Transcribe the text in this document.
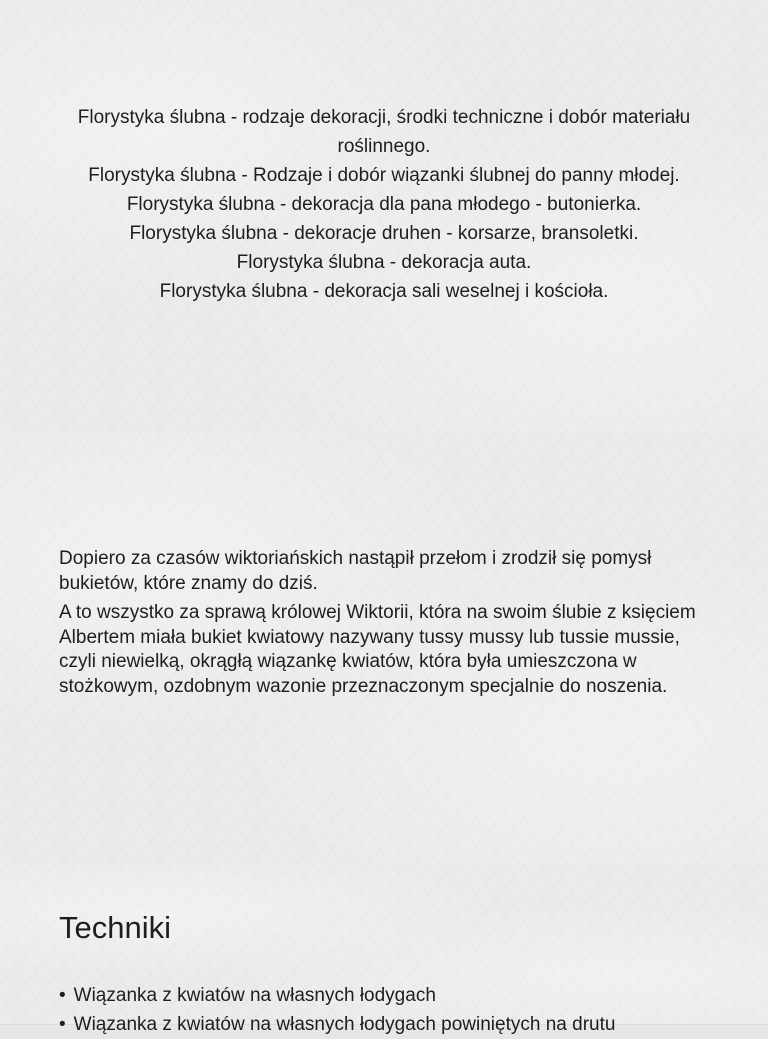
Florystyka ślubna - rodzaje dekoracji, środki techniczne i dobór materiału roślinnego.
Florystyka ślubna - Rodzaje i dobór wiązanki ślubnej do panny młodej.
Florystyka ślubna - dekoracja dla pana młodego - butonierka.
Florystyka ślubna - dekoracje druhen - korsarze, bransoletki.
Florystyka ślubna - dekoracja auta.
Florystyka ślubna - dekoracja sali weselnej i kościoła.

Dopiero za czasów wiktoriańskich nastąpił przełom i zrodził się pomysł bukietów, które znamy do dziś.

A to wszystko za sprawą królowej Wiktorii, która na swoim ślubie z księciem Albertem miała bukiet kwiatowy nazywany tussy mussy lub tussie mussie, czyli niewielką, okrągłą wiązankę kwiatów, która była umieszczona w stożkowym, ozdobnym wazonie przeznaczonym specjalnie do noszenia.

Techniki
• Wiązanka z kwiatów na własnych łodygach
• Wiązanka z kwiatów na własnych łodygach powiniętych na drutu
